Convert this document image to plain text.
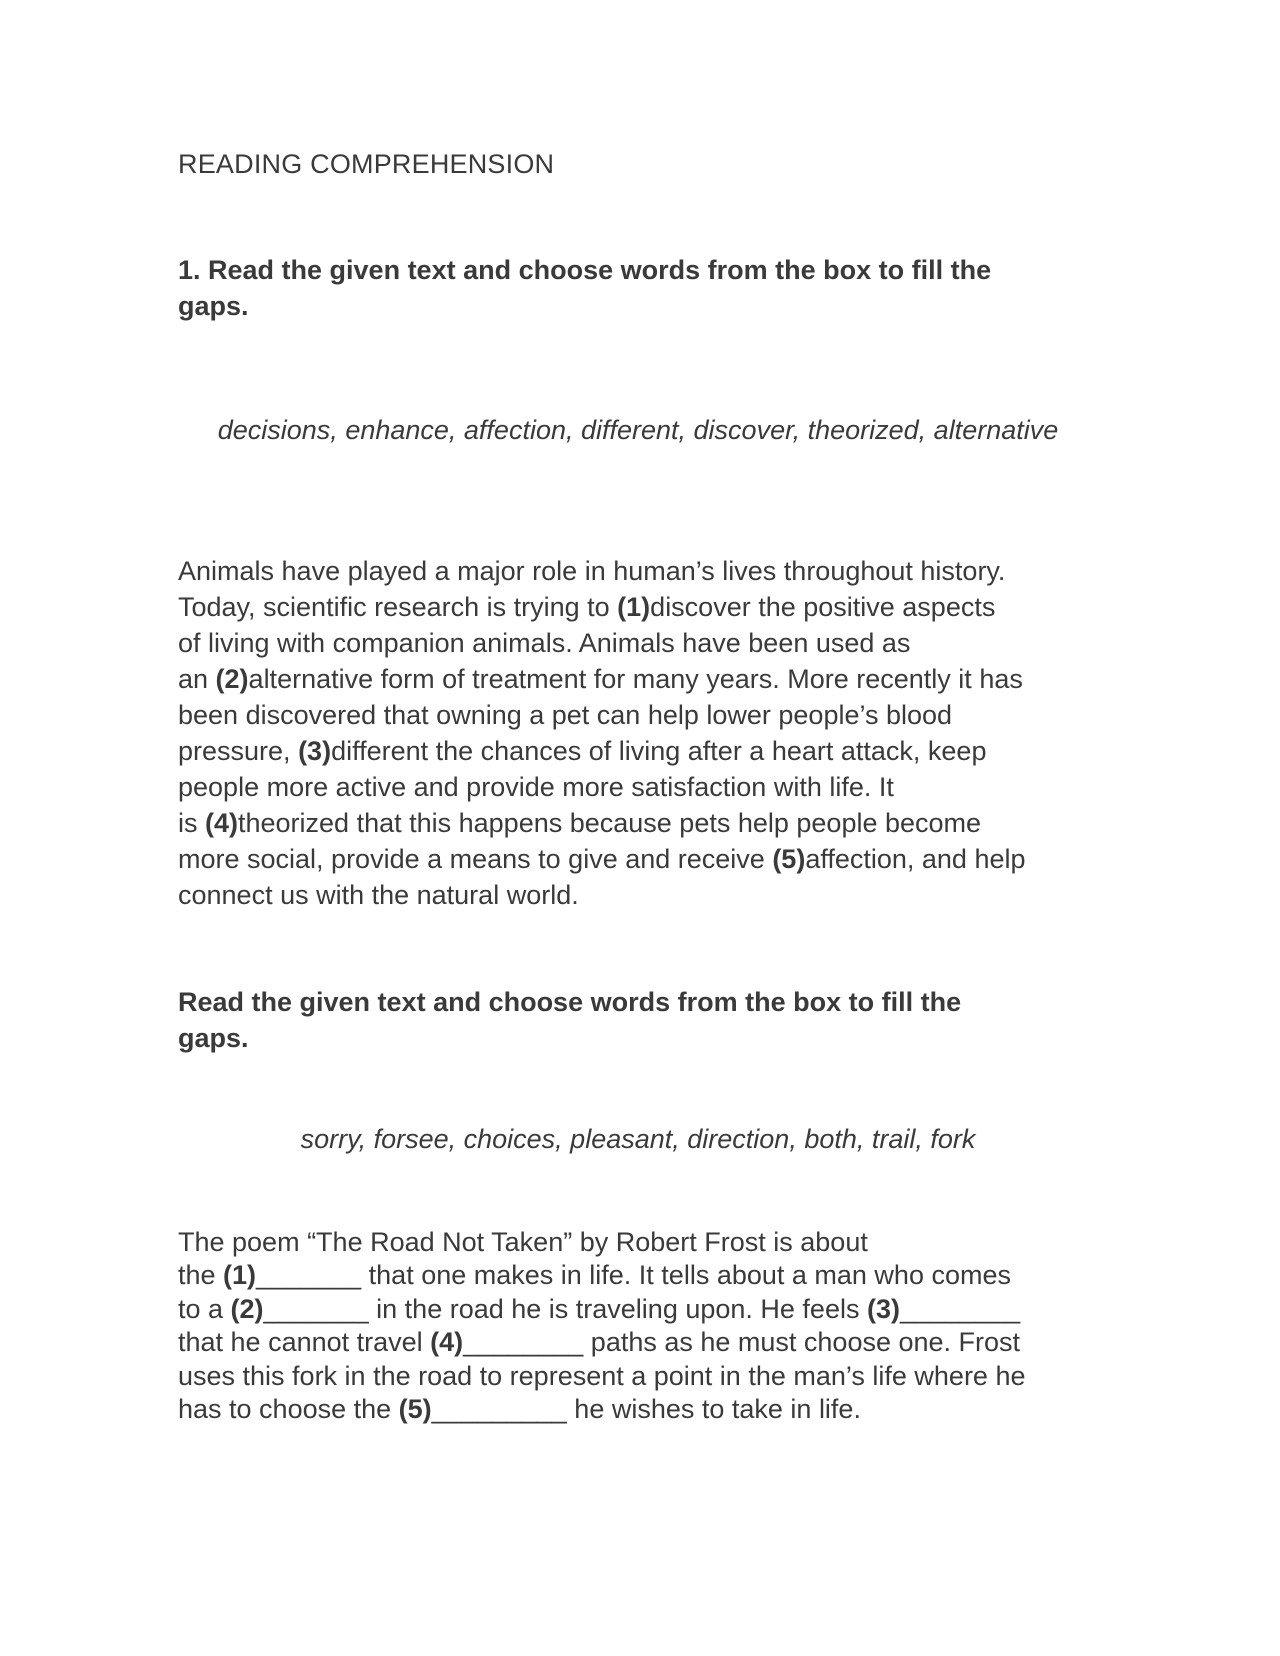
READING COMPREHENSION
1. Read the given text and choose words from the box to fill the
gaps.
decisions, enhance, affection, different, discover, theorized, alternative
Animals have played a major role in human’s lives throughout history.
Today, scientific research is trying to (1)discover the positive aspects
of living with companion animals. Animals have been used as
an (2)alternative form of treatment for many years. More recently it has
been discovered that owning a pet can help lower people’s blood
pressure, (3)different the chances of living after a heart attack, keep
people more active and provide more satisfaction with life. It
is (4)theorized that this happens because pets help people become
more social, provide a means to give and receive (5)affection, and help
connect us with the natural world.
Read the given text and choose words from the box to fill the
gaps.
sorry, forsee, choices, pleasant, direction, both, trail, fork
The poem “The Road Not Taken” by Robert Frost is about
the (1)_______ that one makes in life. It tells about a man who comes
to a (2)_______ in the road he is traveling upon. He feels (3)________
that he cannot travel (4)________ paths as he must choose one. Frost
uses this fork in the road to represent a point in the man’s life where he
has to choose the (5)_________ he wishes to take in life.
